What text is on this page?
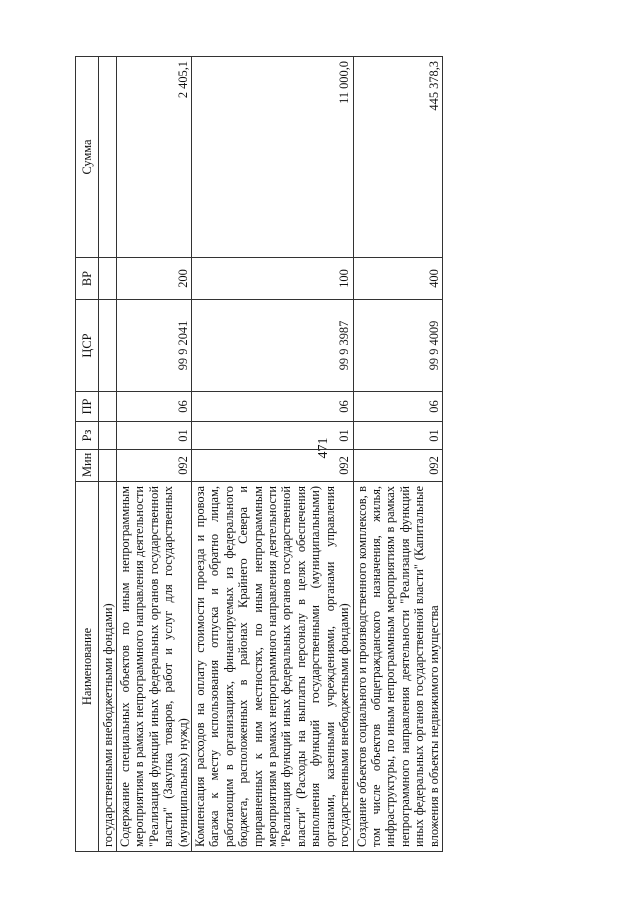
471
Наименование	Мин	Рз	ПР	ЦСР	ВР	Сумма
государственными внебюджетными фондами)						
Содержание специальных объектов по иным непрограммным мероприятиям в рамках непрограммного направления деятельности "Реализация функций иных федеральных органов государственной власти" (Закупка товаров, работ и услуг для государственных (муниципальных) нужд)	092	01	06	99 9 2041	200	2 405,1
Компенсация расходов на оплату стоимости проезда и провоза багажа к месту использования отпуска и обратно лицам, работающим в организациях, финансируемых из федерального бюджета, расположенных в районах Крайнего Севера и приравненных к ним местностях, по иным непрограммным мероприятиям в рамках непрограммного направления деятельности "Реализация функций иных федеральных органов государственной власти" (Расходы на выплаты персоналу в целях обеспечения выполнения функций государственными (муниципальными) органами, казенными учреждениями, органами управления государственными внебюджетными фондами)	092	01	06	99 9 3987	100	11 000,0
Создание объектов социального и производственного комплексов, в том числе объектов общегражданского назначения, жилья, инфраструктуры, по иным непрограммным мероприятиям в рамках непрограммного направления деятельности "Реализация функций иных федеральных органов государственной власти" (Капитальные вложения в объекты недвижимого имущества	092	01	06	99 9 4009	400	445 378,3
